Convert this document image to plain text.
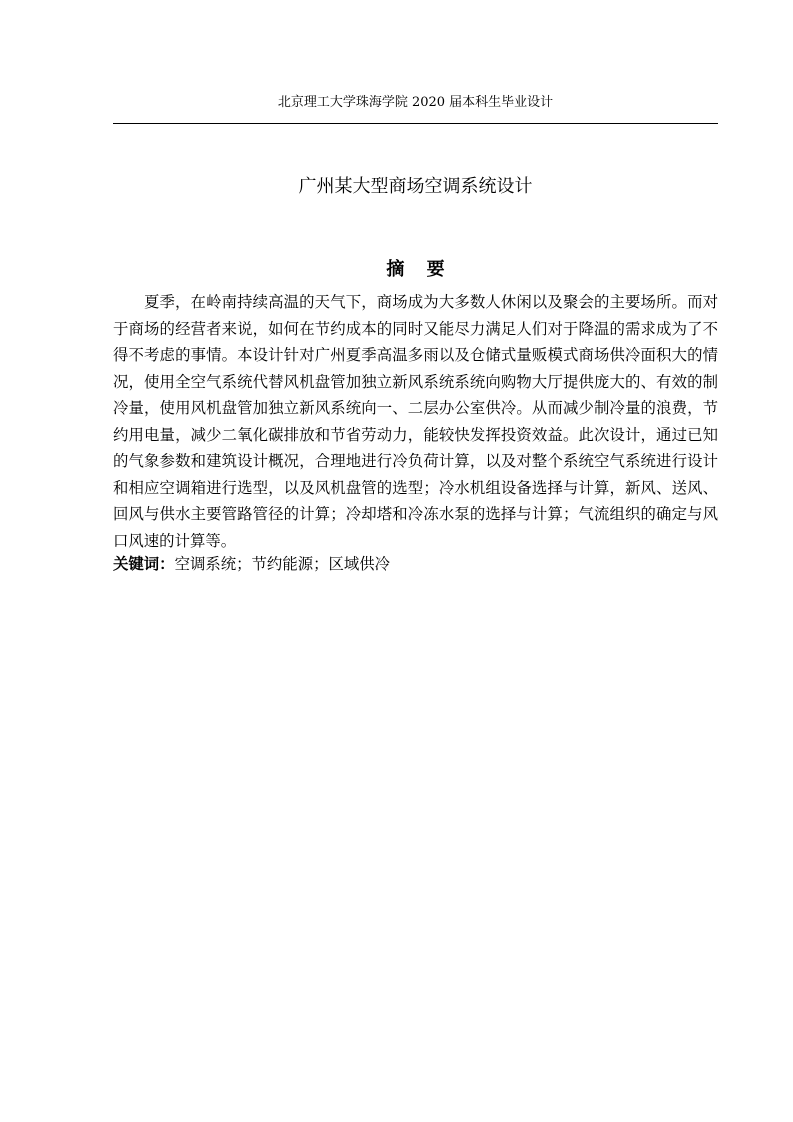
北京理工大学珠海学院 2020 届本科生毕业设计
广州某大型商场空调系统设计
摘 要

夏季，在岭南持续高温的天气下，商场成为大多数人休闲以及聚会的主要场所。而对于商场的经营者来说，如何在节约成本的同时又能尽力满足人们对于降温的需求成为了不得不考虑的事情。本设计针对广州夏季高温多雨以及仓储式量贩模式商场供冷面积大的情况，使用全空气系统代替风机盘管加独立新风系统系统向购物大厅提供庞大的、有效的制冷量，使用风机盘管加独立新风系统向一、二层办公室供冷。从而减少制冷量的浪费，节约用电量，减少二氧化碳排放和节省劳动力，能较快发挥投资效益。此次设计，通过已知的气象参数和建筑设计概况，合理地进行冷负荷计算，以及对整个系统空气系统进行设计和相应空调箱进行选型，以及风机盘管的选型；冷水机组设备选择与计算，新风、送风、回风与供水主要管路管径的计算；冷却塔和冷冻水泵的选择与计算；气流组织的确定与风口风速的计算等。

关键词：空调系统；节约能源；区域供冷
